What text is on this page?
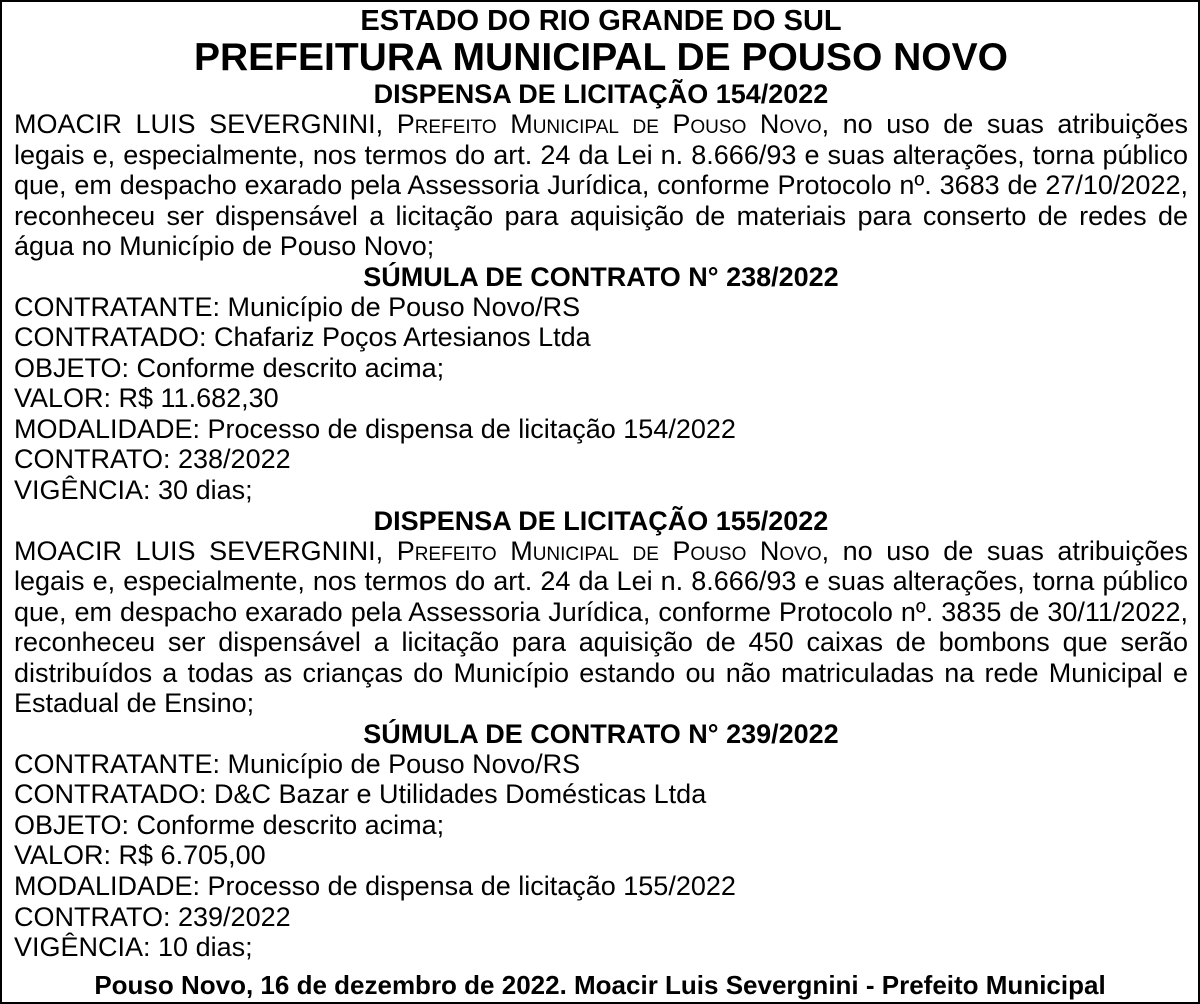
ESTADO DO RIO GRANDE DO SUL
PREFEITURA MUNICIPAL DE POUSO NOVO
DISPENSA DE LICITAÇÃO 154/2022
MOACIR LUIS SEVERGNINI, Prefeito Municipal de Pouso Novo, no uso de suas atribuições legais e, especialmente, nos termos do art. 24 da Lei n. 8.666/93 e suas alterações, torna público que, em despacho exarado pela Assessoria Jurídica, conforme Protocolo nº. 3683 de 27/10/2022, reconheceu ser dispensável a licitação para aquisição de materiais para conserto de redes de água no Município de Pouso Novo;
SÚMULA DE CONTRATO N° 238/2022
CONTRATANTE: Município de Pouso Novo/RS
CONTRATADO: Chafariz Poços Artesianos Ltda
OBJETO: Conforme descrito acima;
VALOR: R$ 11.682,30
MODALIDADE: Processo de dispensa de licitação 154/2022
CONTRATO: 238/2022
VIGÊNCIA: 30 dias;
DISPENSA DE LICITAÇÃO 155/2022
MOACIR LUIS SEVERGNINI, Prefeito Municipal de Pouso Novo, no uso de suas atribuições legais e, especialmente, nos termos do art. 24 da Lei n. 8.666/93 e suas alterações, torna público que, em despacho exarado pela Assessoria Jurídica, conforme Protocolo nº. 3835 de 30/11/2022, reconheceu ser dispensável a licitação para aquisição de 450 caixas de bombons que serão distribuídos a todas as crianças do Município estando ou não matriculadas na rede Municipal e Estadual de Ensino;
SÚMULA DE CONTRATO N° 239/2022
CONTRATANTE: Município de Pouso Novo/RS
CONTRATADO: D&C Bazar e Utilidades Domésticas Ltda
OBJETO: Conforme descrito acima;
VALOR: R$ 6.705,00
MODALIDADE: Processo de dispensa de licitação 155/2022
CONTRATO: 239/2022
VIGÊNCIA: 10 dias;
Pouso Novo, 16 de dezembro de 2022. Moacir Luis Severgnini - Prefeito Municipal
